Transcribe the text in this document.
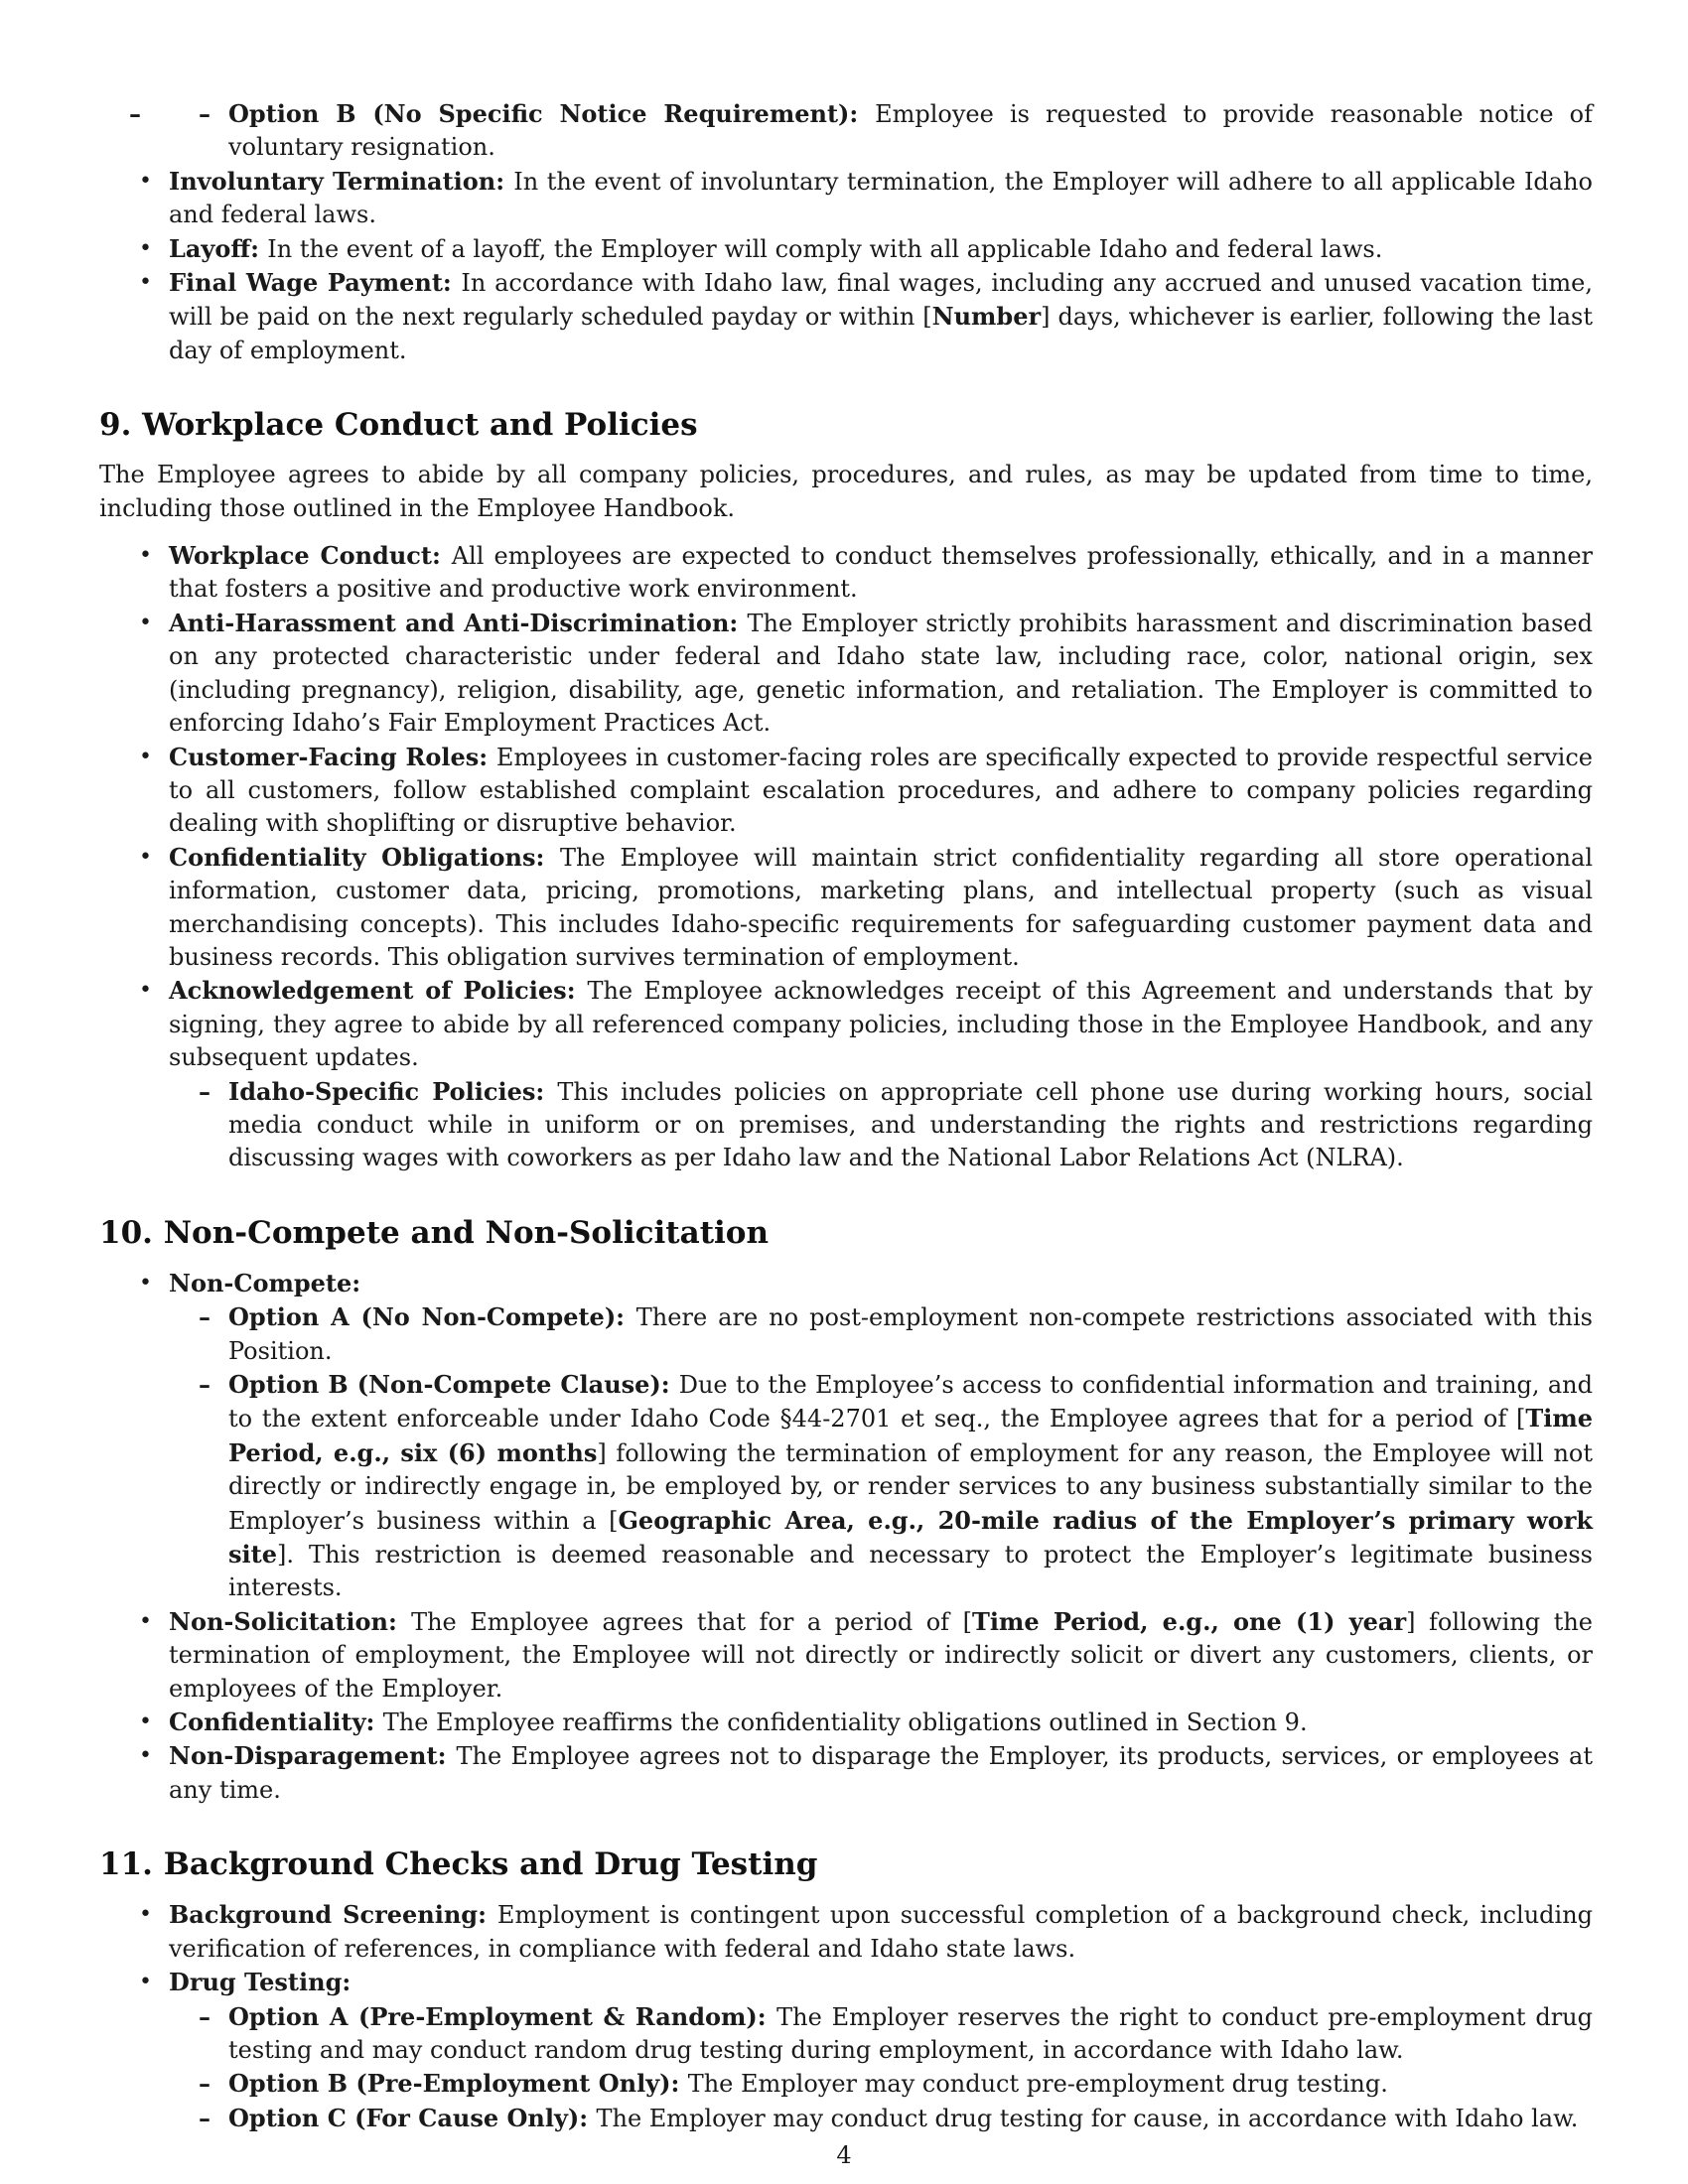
– – Option B (No Specific Notice Requirement): Employee is requested to provide reasonable notice of voluntary resignation.
• Involuntary Termination: In the event of involuntary termination, the Employer will adhere to all applicable Idaho and federal laws.
• Layoff: In the event of a layoff, the Employer will comply with all applicable Idaho and federal laws.
• Final Wage Payment: In accordance with Idaho law, final wages, including any accrued and unused vacation time, will be paid on the next regularly scheduled payday or within [Number] days, whichever is earlier, following the last day of employment.
9. Workplace Conduct and Policies

The Employee agrees to abide by all company policies, procedures, and rules, as may be updated from time to time, including those outlined in the Employee Handbook.

• Workplace Conduct: All employees are expected to conduct themselves professionally, ethically, and in a manner that fosters a positive and productive work environment.
• Anti-Harassment and Anti-Discrimination: The Employer strictly prohibits harassment and discrimination based on any protected characteristic under federal and Idaho state law, including race, color, national origin, sex (including pregnancy), religion, disability, age, genetic information, and retaliation. The Employer is committed to enforcing Idaho’s Fair Employment Practices Act.
• Customer-Facing Roles: Employees in customer-facing roles are specifically expected to provide respectful service to all customers, follow established complaint escalation procedures, and adhere to company policies regarding dealing with shoplifting or disruptive behavior.
• Confidentiality Obligations: The Employee will maintain strict confidentiality regarding all store operational information, customer data, pricing, promotions, marketing plans, and intellectual property (such as visual merchandising concepts). This includes Idaho-specific requirements for safeguarding customer payment data and business records. This obligation survives termination of employment.
• Acknowledgement of Policies: The Employee acknowledges receipt of this Agreement and understands that by signing, they agree to abide by all referenced company policies, including those in the Employee Handbook, and any subsequent updates.
– Idaho-Specific Policies: This includes policies on appropriate cell phone use during working hours, social media conduct while in uniform or on premises, and understanding the rights and restrictions regarding discussing wages with coworkers as per Idaho law and the National Labor Relations Act (NLRA).
10. Non-Compete and Non-Solicitation
• Non-Compete:
– Option A (No Non-Compete): There are no post-employment non-compete restrictions associated with this Position.
– Option B (Non-Compete Clause): Due to the Employee’s access to confidential information and training, and to the extent enforceable under Idaho Code §44-2701 et seq., the Employee agrees that for a period of [Time Period, e.g., six (6) months] following the termination of employment for any reason, the Employee will not directly or indirectly engage in, be employed by, or render services to any business substantially similar to the Employer’s business within a [Geographic Area, e.g., 20-mile radius of the Employer’s primary work site]. This restriction is deemed reasonable and necessary to protect the Employer’s legitimate business interests.
• Non-Solicitation: The Employee agrees that for a period of [Time Period, e.g., one (1) year] following the termination of employment, the Employee will not directly or indirectly solicit or divert any customers, clients, or employees of the Employer.
• Confidentiality: The Employee reaffirms the confidentiality obligations outlined in Section 9.
• Non-Disparagement: The Employee agrees not to disparage the Employer, its products, services, or employees at any time.
11. Background Checks and Drug Testing
• Background Screening: Employment is contingent upon successful completion of a background check, including verification of references, in compliance with federal and Idaho state laws.
• Drug Testing:
– Option A (Pre-Employment & Random): The Employer reserves the right to conduct pre-employment drug testing and may conduct random drug testing during employment, in accordance with Idaho law.
– Option B (Pre-Employment Only): The Employer may conduct pre-employment drug testing.
– Option C (For Cause Only): The Employer may conduct drug testing for cause, in accordance with Idaho law.
4
